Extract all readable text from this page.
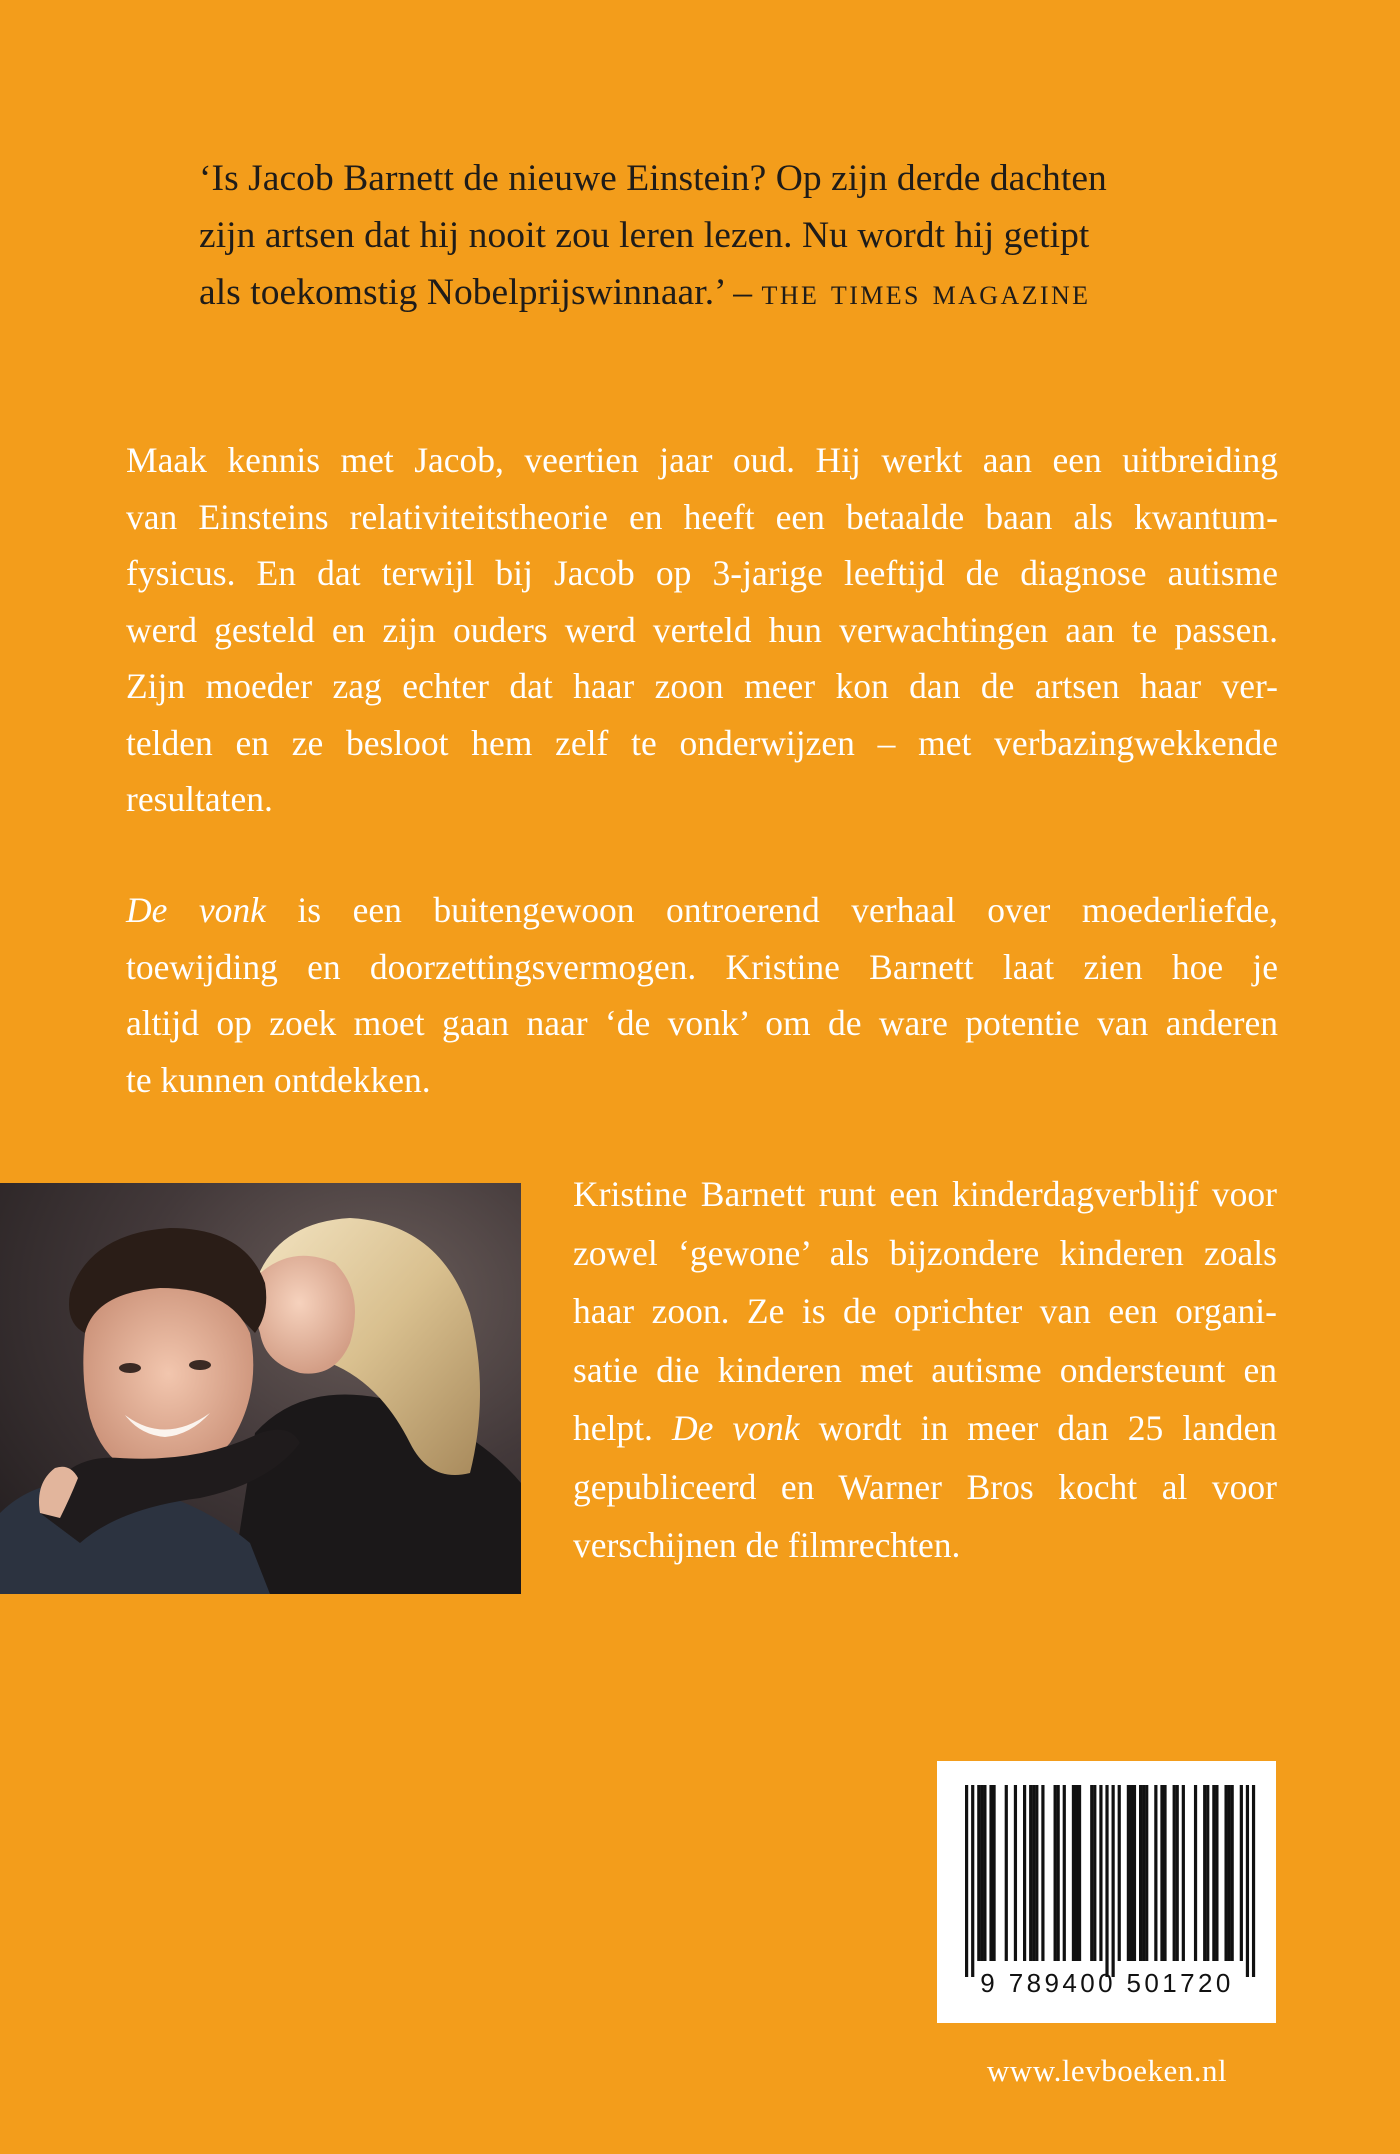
‘Is Jacob Barnett de nieuwe Einstein? Op zijn derde dachten
zijn artsen dat hij nooit zou leren lezen. Nu wordt hij getipt
als toekomstig Nobelprijswinnaar.’ – the times magazine
Maak kennis met Jacob, veertien jaar oud. Hij werkt aan een uitbreiding
van Einsteins relativiteitstheorie en heeft een betaalde baan als kwantum-
fysicus. En dat terwijl bij Jacob op 3-jarige leeftijd de diagnose autisme
werd gesteld en zijn ouders werd verteld hun verwachtingen aan te passen.
Zijn moeder zag echter dat haar zoon meer kon dan de artsen haar ver-
telden en ze besloot hem zelf te onderwijzen – met verbazingwekkende
resultaten.
De vonk is een buitengewoon ontroerend verhaal over moederliefde,
toewijding en doorzettingsvermogen. Kristine Barnett laat zien hoe je
altijd op zoek moet gaan naar ‘de vonk’ om de ware potentie van anderen
te kunnen ontdekken.
Kristine Barnett runt een kinderdagverblijf voor
zowel ‘gewone’ als bijzondere kinderen zoals
haar zoon. Ze is de oprichter van een organi-
satie die kinderen met autisme ondersteunt en
helpt. De vonk wordt in meer dan 25 landen
gepubliceerd en Warner Bros kocht al voor
verschijnen de filmrechten.
9 789400 501720
www.levboeken.nl
